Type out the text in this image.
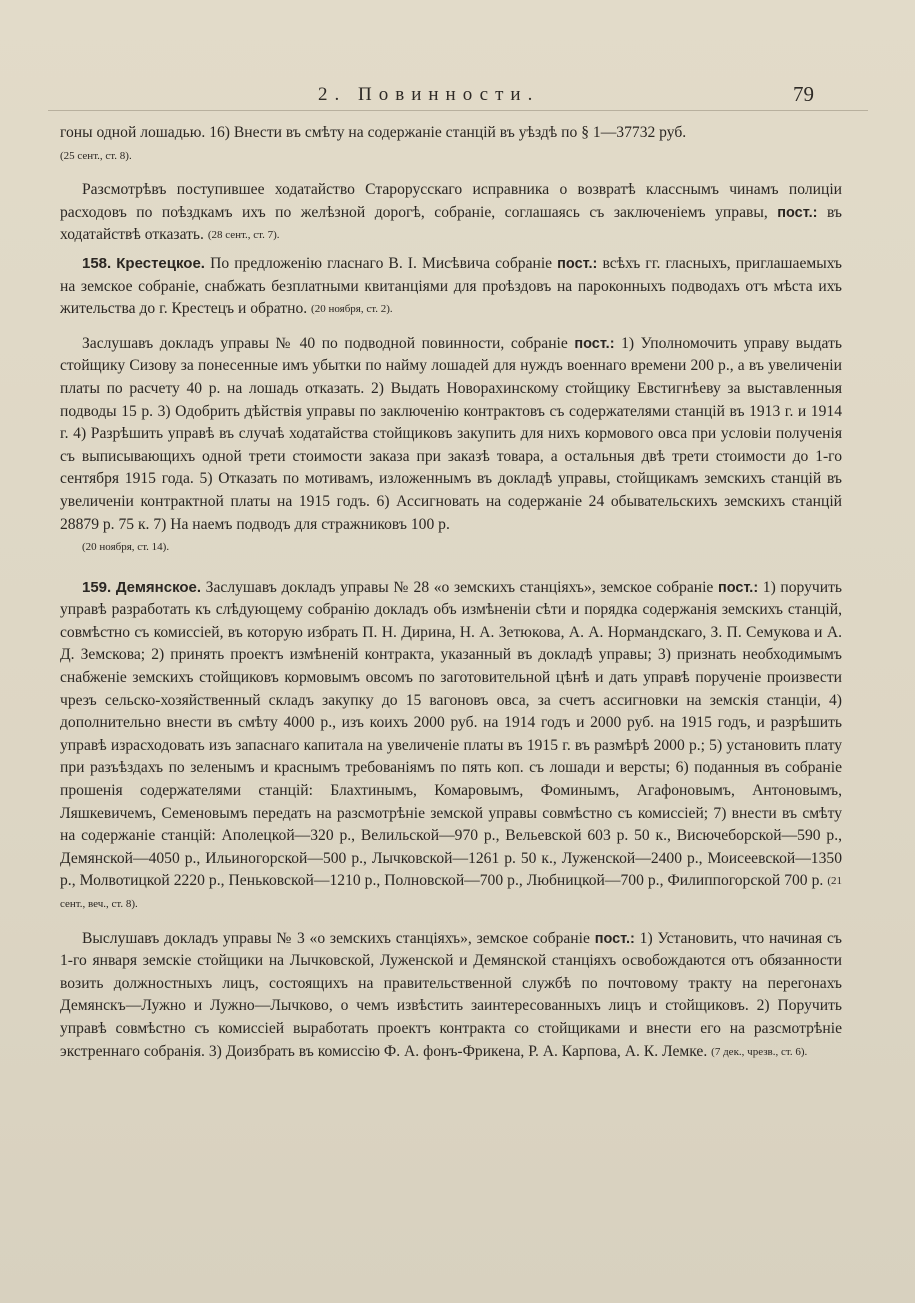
2. Повинности.	79

гоны одной лошадью. 16) Внести въ смѣту на содержаніе станцій въ уѣздѣ по § 1—37732 руб.
(25 сент., ст. 8).

Разсмотрѣвъ поступившее ходатайство Старорусскаго исправника о возвратѣ класснымъ чинамъ полиціи расходовъ по поѣздкамъ ихъ по желѣзной дорогѣ, собраніе, соглашаясь съ заключеніемъ управы, пост.: въ ходатайствѣ отказать. (28 сент., ст. 7).

158. Крестецкое. По предложенію гласнаго В. І. Мисѣвича собраніе пост.: всѣхъ гг. гласныхъ, приглашаемыхъ на земское собраніе, снабжать безплатными квитанціями для проѣздовъ на пароконныхъ подводахъ отъ мѣста ихъ жительства до г. Крестецъ и обратно. (20 ноября, ст. 2).

Заслушавъ докладъ управы № 40 по подводной повинности, собраніе пост.: 1) Уполномочить управу выдать стойщику Сизову за понесенные имъ убытки по найму лошадей для нуждъ военнаго времени 200 р., а въ увеличеніи платы по расчету 40 р. на лошадь отказать. 2) Выдать Новорахинскому стойщику Евстигнѣеву за выставленныя подводы 15 р. 3) Одобрить дѣйствія управы по заключенію контрактовъ съ содержателями станцій въ 1913 г. и 1914 г. 4) Разрѣшить управѣ въ случаѣ ходатайства стойщиковъ закупить для нихъ кормового овса при условіи полученія съ выписывающихъ одной трети стоимости заказа при заказѣ товара, а остальныя двѣ трети стоимости до 1-го сентября 1915 года. 5) Отказать по мотивамъ, изложеннымъ въ докладѣ управы, стойщикамъ земскихъ станцій въ увеличеніи контрактной платы на 1915 годъ. 6) Ассигновать на содержаніе 24 обывательскихъ земскихъ станцій 28879 р. 75 к. 7) На наемъ подводъ для стражниковъ 100 р.
(20 ноября, ст. 14).

159. Демянское. Заслушавъ докладъ управы № 28 «о земскихъ станціяхъ», земское собраніе пост.: 1) поручить управѣ разработать къ слѣдующему собранію докладъ объ измѣненіи сѣти и порядка содержанія земскихъ станцій, совмѣстно съ комиссіей, въ которую избрать П. Н. Дирина, Н. А. Зетюкова, А. А. Нормандскаго, З. П. Семукова и А. Д. Земскова; 2) принять проектъ измѣненій контракта, указанный въ докладѣ управы; 3) признать необходимымъ снабженіе земскихъ стойщиковъ кормовымъ овсомъ по заготовительной цѣнѣ и дать управѣ порученіе произвести чрезъ сельско-хозяйственный складъ закупку до 15 вагоновъ овса, за счетъ ассигновки на земскія станціи, 4) дополнительно внести въ смѣту 4000 р., изъ коихъ 2000 руб. на 1914 годъ и 2000 руб. на 1915 годъ, и разрѣшить управѣ израсходовать изъ запаснаго капитала на увеличеніе платы въ 1915 г. въ размѣрѣ 2000 р.; 5) установить плату при разъѣздахъ по зеленымъ и краснымъ требованіямъ по пять коп. съ лошади и версты; 6) поданныя въ собраніе прошенія содержателями станцій: Блахтинымъ, Комаровымъ, Фоминымъ, Агафоновымъ, Антоновымъ, Ляшкевичемъ, Семеновымъ передать на разсмотрѣніе земской управы совмѣстно съ комиссіей; 7) внести въ смѣту на содержаніе станцій: Аполецкой—320 р., Велильской—970 р., Вельевской 603 р. 50 к., Висючеборской—590 р., Демянской—4050 р., Ильиногорской—500 р., Лычковской—1261 р. 50 к., Луженской—2400 р., Моисеевской—1350 р., Молвотицкой 2220 р., Пеньковской—1210 р., Полновской—700 р., Любницкой—700 р., Филиппогорской 700 р. (21 сент., веч., ст. 8).

Выслушавъ докладъ управы № 3 «о земскихъ станціяхъ», земское собраніе пост.: 1) Установить, что начиная съ 1-го января земскіе стойщики на Лычковской, Луженской и Демянской станціяхъ освобождаются отъ обязанности возить должностныхъ лицъ, состоящихъ на правительственной службѣ по почтовому тракту на перегонахъ Демянскъ—Лужно и Лужно—Лычково, о чемъ извѣстить заинтересованныхъ лицъ и стойщиковъ. 2) Поручить управѣ совмѣстно съ комиссіей выработать проектъ контракта со стойщиками и внести его на разсмотрѣніе экстреннаго собранія. 3) Доизбрать въ комиссію Ф. А. фонъ-Фрикена, Р. А. Карпова, А. К. Лемке. (7 дек., чрезв., ст. 6).
